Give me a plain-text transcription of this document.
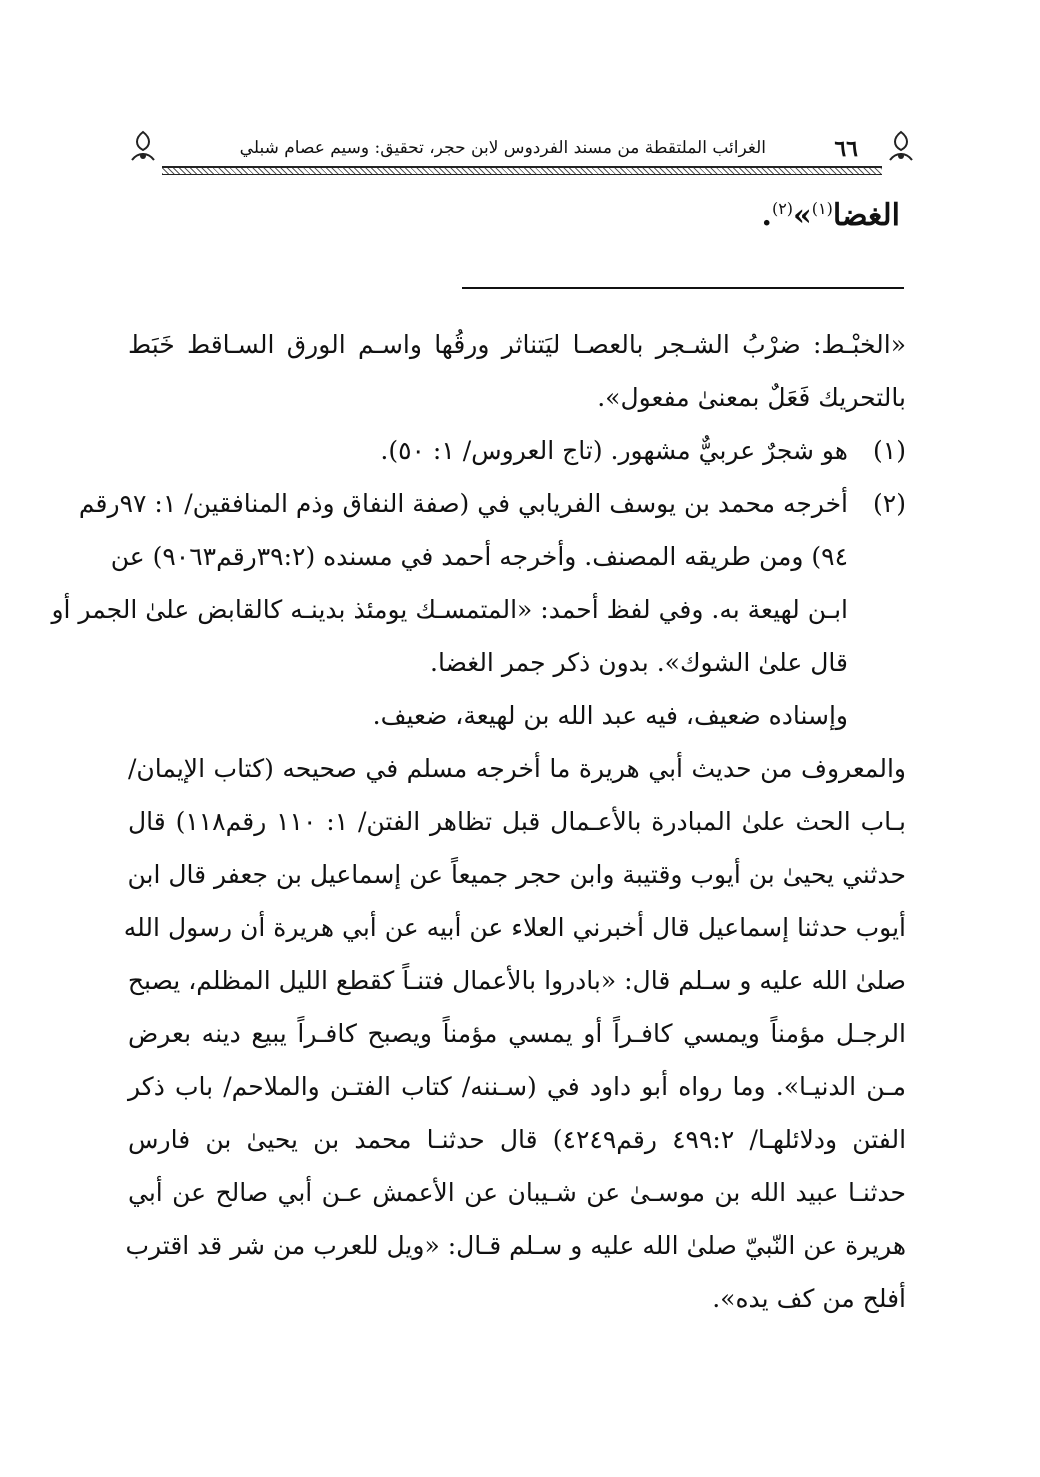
٦٦
الغرائب الملتقطة من مسند الفردوس لابن حجر، تحقيق: وسيم عصام شبلي
الغضا$^{(١)}$»$^{(٢)}$.
«الخبْـط: ضرْبُ الشـجر بالعصـا ليَتناثر ورقُها واسـم الورق السـاقط خَبَط
بالتحريك فَعَلٌ بمعنىٰ مفعول».
(١)هو شجرٌ عربيٌّ مشهور. (تاج العروس/ ١: ٥٠).
(٢)أخرجه محمد بن يوسف الفريابي في (صفة النفاق وذم المنافقين/ ١: ٩٧رقم
٩٤) ومن طريقه المصنف. وأخرجه أحمد في مسنده (٣٩:٢رقم٩٠٦٣) عن
ابـن لهيعة به. وفي لفظ أحمد: «المتمسـك يومئذ بدينـه كالقابض علىٰ الجمر أو
قال علىٰ الشوك». بدون ذكر جمر الغضا.
وإسناده ضعيف، فيه عبد الله بن لهيعة، ضعيف.
والمعروف من حديث أبي هريرة ما أخرجه مسلم في صحيحه (كتاب الإيمان/
بـاب الحث علىٰ المبادرة بالأعـمال قبل تظاهر الفتن/ ١: ١١٠ رقم١١٨) قال
حدثني يحيىٰ بن أيوب وقتيبة وابن حجر جميعاً عن إسماعيل بن جعفر قال ابن
أيوب حدثنا إسماعيل قال أخبرني العلاء عن أبيه عن أبي هريرة أن رسول الله
صلىٰ الله عليه و سـلم قال: «بادروا بالأعمال فتنـاً كقطع الليل المظلم، يصبح
الرجـل مؤمناً ويمسي كافـراً أو يمسي مؤمناً ويصبح كافـراً يبيع دينه بعرض
مـن الدنيـا». وما رواه أبو داود في (سـننه/ كتاب الفتـن والملاحم/ باب ذكر
الفتن ودلائلهـا/ ٤٩٩:٢ رقم٤٢٤٩) قال حدثنـا محمد بن يحيىٰ بن فارس
حدثنـا عبيد الله بن موسـىٰ عن شـيبان عن الأعمش عـن أبي صالح عن أبي
هريرة عن النّبيّ صلىٰ الله عليه و سـلم قـال: «ويل للعرب من شر قد اقترب
أفلح من كف يده».
